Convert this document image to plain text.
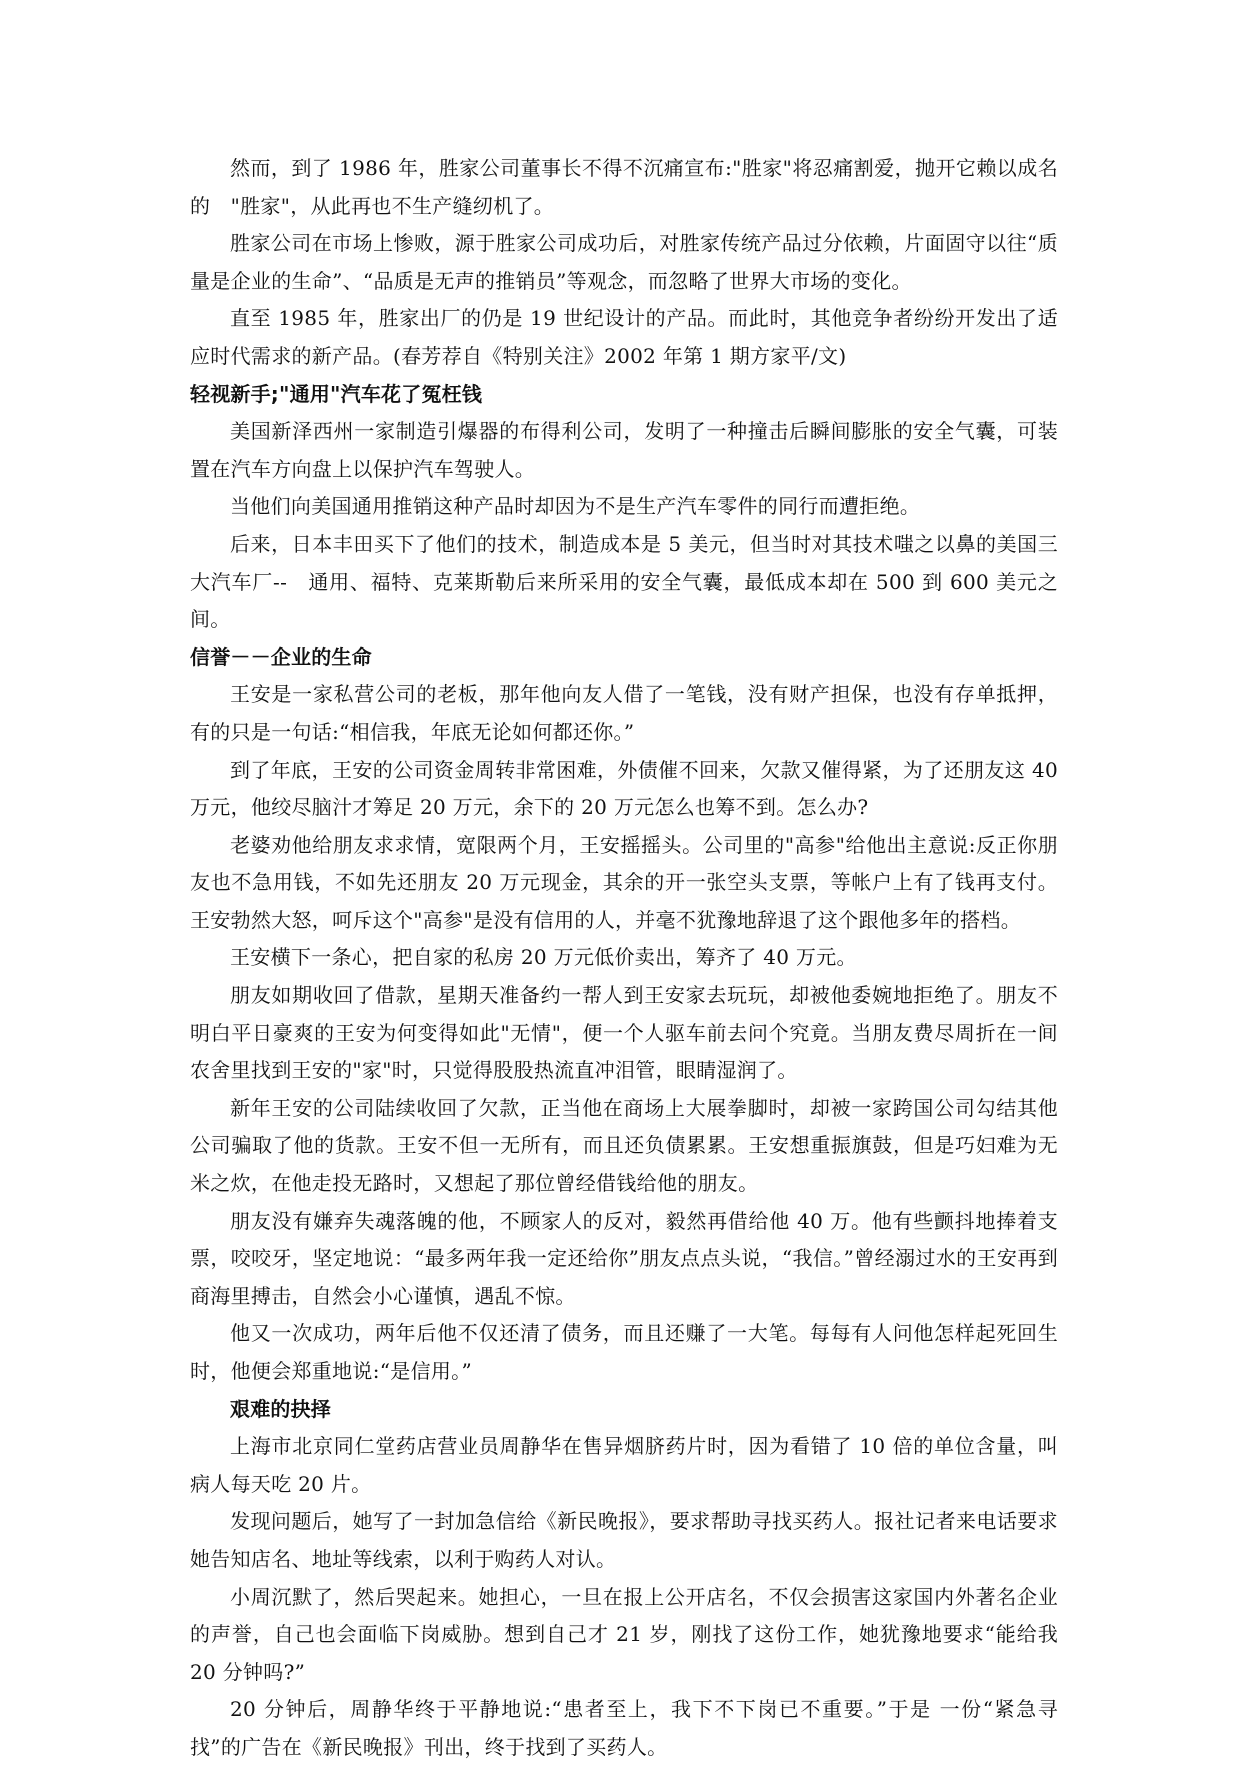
然而，到了 1986 年，胜家公司董事长不得不沉痛宣布:"胜家"将忍痛割爱，抛开它赖以成名的　"胜家"，从此再也不生产缝纫机了。

胜家公司在市场上惨败，源于胜家公司成功后，对胜家传统产品过分依赖，片面固守以往“质量是企业的生命”、“品质是无声的推销员”等观念，而忽略了世界大市场的变化。

直至 1985 年，胜家出厂的仍是 19 世纪设计的产品。而此时，其他竞争者纷纷开发出了适应时代需求的新产品。(春芳荐自《特别关注》2002 年第 1 期方家平/文)

轻视新手;"通用"汽车花了冤枉钱

美国新泽西州一家制造引爆器的布得利公司，发明了一种撞击后瞬间膨胀的安全气囊，可装置在汽车方向盘上以保护汽车驾驶人。

当他们向美国通用推销这种产品时却因为不是生产汽车零件的同行而遭拒绝。

后来，日本丰田买下了他们的技术，制造成本是 5 美元，但当时对其技术嗤之以鼻的美国三大汽车厂--　通用、福特、克莱斯勒后来所采用的安全气囊，最低成本却在 500 到 600 美元之间。

信誉－－企业的生命

王安是一家私营公司的老板，那年他向友人借了一笔钱，没有财产担保，也没有存单抵押，有的只是一句话:“相信我，年底无论如何都还你。”

到了年底，王安的公司资金周转非常困难，外债催不回来，欠款又催得紧，为了还朋友这 40 万元，他绞尽脑汁才筹足 20 万元，余下的 20 万元怎么也筹不到。怎么办?

老婆劝他给朋友求求情，宽限两个月，王安摇摇头。公司里的"高参"给他出主意说:反正你朋友也不急用钱，不如先还朋友 20 万元现金，其余的开一张空头支票，等帐户上有了钱再支付。王安勃然大怒，呵斥这个"高参"是没有信用的人，并毫不犹豫地辞退了这个跟他多年的搭档。

王安横下一条心，把自家的私房 20 万元低价卖出，筹齐了 40 万元。

朋友如期收回了借款，星期天准备约一帮人到王安家去玩玩，却被他委婉地拒绝了。朋友不明白平日豪爽的王安为何变得如此"无情"，便一个人驱车前去问个究竟。当朋友费尽周折在一间农舍里找到王安的"家"时，只觉得股股热流直冲泪管，眼睛湿润了。

新年王安的公司陆续收回了欠款，正当他在商场上大展拳脚时，却被一家跨国公司勾结其他公司骗取了他的货款。王安不但一无所有，而且还负债累累。王安想重振旗鼓，但是巧妇难为无米之炊，在他走投无路时，又想起了那位曾经借钱给他的朋友。

朋友没有嫌弃失魂落魄的他，不顾家人的反对，毅然再借给他 40 万。他有些颤抖地捧着支票，咬咬牙，坚定地说：“最多两年我一定还给你”朋友点点头说，“我信。”曾经溺过水的王安再到商海里搏击，自然会小心谨慎，遇乱不惊。

他又一次成功，两年后他不仅还清了债务，而且还赚了一大笔。每每有人问他怎样起死回生时，他便会郑重地说:“是信用。”

艰难的抉择

上海市北京同仁堂药店营业员周静华在售异烟脐药片时，因为看错了 10 倍的单位含量，叫病人每天吃 20 片。

发现问题后，她写了一封加急信给《新民晚报》，要求帮助寻找买药人。报社记者来电话要求她告知店名、地址等线索，以利于购药人对认。

小周沉默了，然后哭起来。她担心，一旦在报上公开店名，不仅会损害这家国内外著名企业的声誉，自己也会面临下岗威胁。想到自己才 21 岁，刚找了这份工作，她犹豫地要求“能给我 20 分钟吗?”

20 分钟后，周静华终于平静地说:“患者至上，我下不下岗已不重要。”于是 一份“紧急寻 找”的广告在《新民晚报》刊出，终于找到了买药人。
